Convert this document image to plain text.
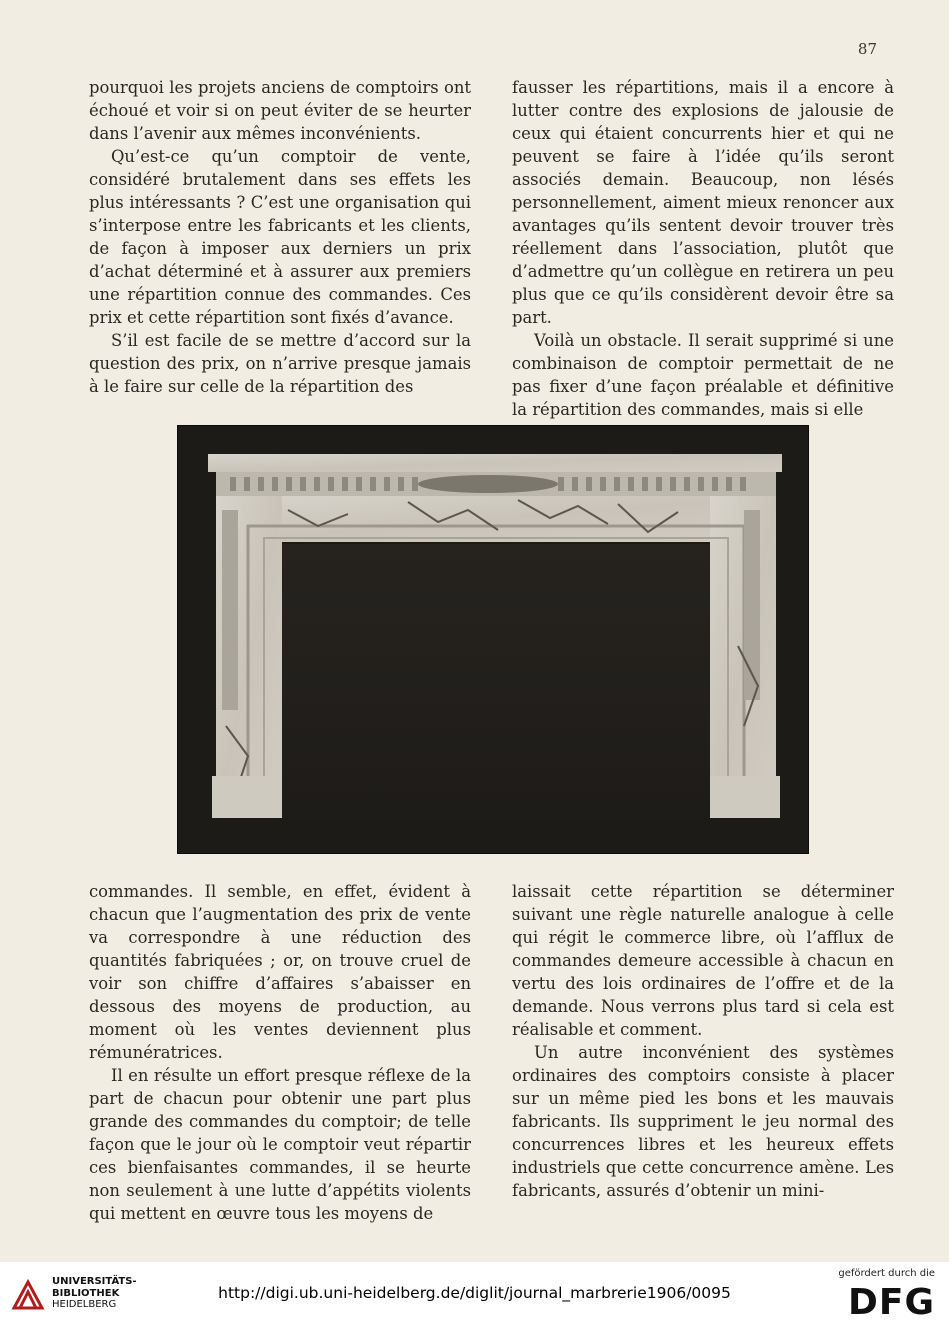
87

pourquoi les projets anciens de comptoirs ont échoué et voir si on peut éviter de se heurter dans l’avenir aux mêmes inconvénients.

Qu’est-ce qu’un comptoir de vente, considéré brutalement dans ses effets les plus intéressants ? C’est une organisation qui s’interpose entre les fabricants et les clients, de façon à imposer aux derniers un prix d’achat déterminé et à assurer aux premiers une répartition connue des commandes. Ces prix et cette répartition sont fixés d’avance.

S’il est facile de se mettre d’accord sur la question des prix, on n’arrive presque jamais à le faire sur celle de la répartition des

fausser les répartitions, mais il a encore à lutter contre des explosions de jalousie de ceux qui étaient concurrents hier et qui ne peuvent se faire à l’idée qu’ils seront associés demain. Beaucoup, non lésés personnellement, aiment mieux renoncer aux avantages qu’ils sentent devoir trouver très réellement dans l’association, plutôt que d’admettre qu’un collègue en retirera un peu plus que ce qu’ils considèrent devoir être sa part.

Voilà un obstacle. Il serait supprimé si une combinaison de comptoir permettait de ne pas fixer d’une façon préalable et définitive la répartition des commandes, mais si elle

commandes. Il semble, en effet, évident à chacun que l’augmentation des prix de vente va correspondre à une réduction des quantités fabriquées ; or, on trouve cruel de voir son chiffre d’affaires s’abaisser en dessous des moyens de production, au moment où les ventes deviennent plus rémunératrices.

Il en résulte un effort presque réflexe de la part de chacun pour obtenir une part plus grande des commandes du comptoir; de telle façon que le jour où le comptoir veut répartir ces bienfaisantes commandes, il se heurte non seulement à une lutte d’appétits violents qui mettent en œuvre tous les moyens de

laissait cette répartition se déterminer suivant une règle naturelle analogue à celle qui régit le commerce libre, où l’afflux de commandes demeure accessible à chacun en vertu des lois ordinaires de l’offre et de la demande. Nous verrons plus tard si cela est réalisable et comment.

Un autre inconvénient des systèmes ordinaires des comptoirs consiste à placer sur un même pied les bons et les mauvais fabricants. Ils suppriment le jeu normal des concurrences libres et les heureux effets industriels que cette concurrence amène. Les fabricants, assurés d’obtenir un mini-

UNIVERSITÄTS-
BIBLIOTHEK
HEIDELBERG
http://digi.ub.uni-heidelberg.de/diglit/journal_marbrerie1906/0095
gefördert durch die
DFG
